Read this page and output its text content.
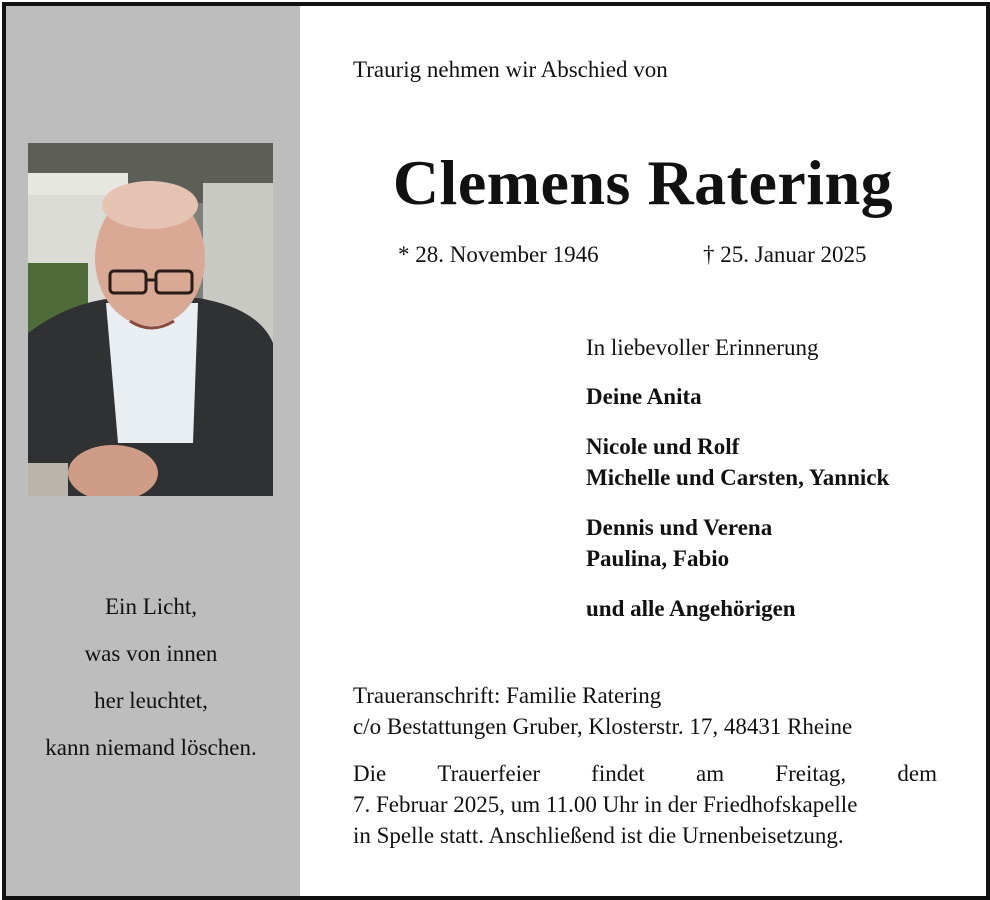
Ein Licht,
was von innen
her leuchtet,
kann niemand löschen.
Traurig nehmen wir Abschied von
Clemens Ratering
* 28. November 1946	† 25. Januar 2025
In liebevoller Erinnerung
Deine Anita
Nicole und Rolf
Michelle und Carsten, Yannick
Dennis und Verena
Paulina, Fabio
und alle Angehörigen
Traueranschrift: Familie Ratering
c/o Bestattungen Gruber, Klosterstr. 17, 48431 Rheine
Die Trauerfeier findet am Freitag, dem
7. Februar 2025, um 11.00 Uhr in der Friedhofskapelle
in Spelle statt. Anschließend ist die Urnenbeisetzung.
